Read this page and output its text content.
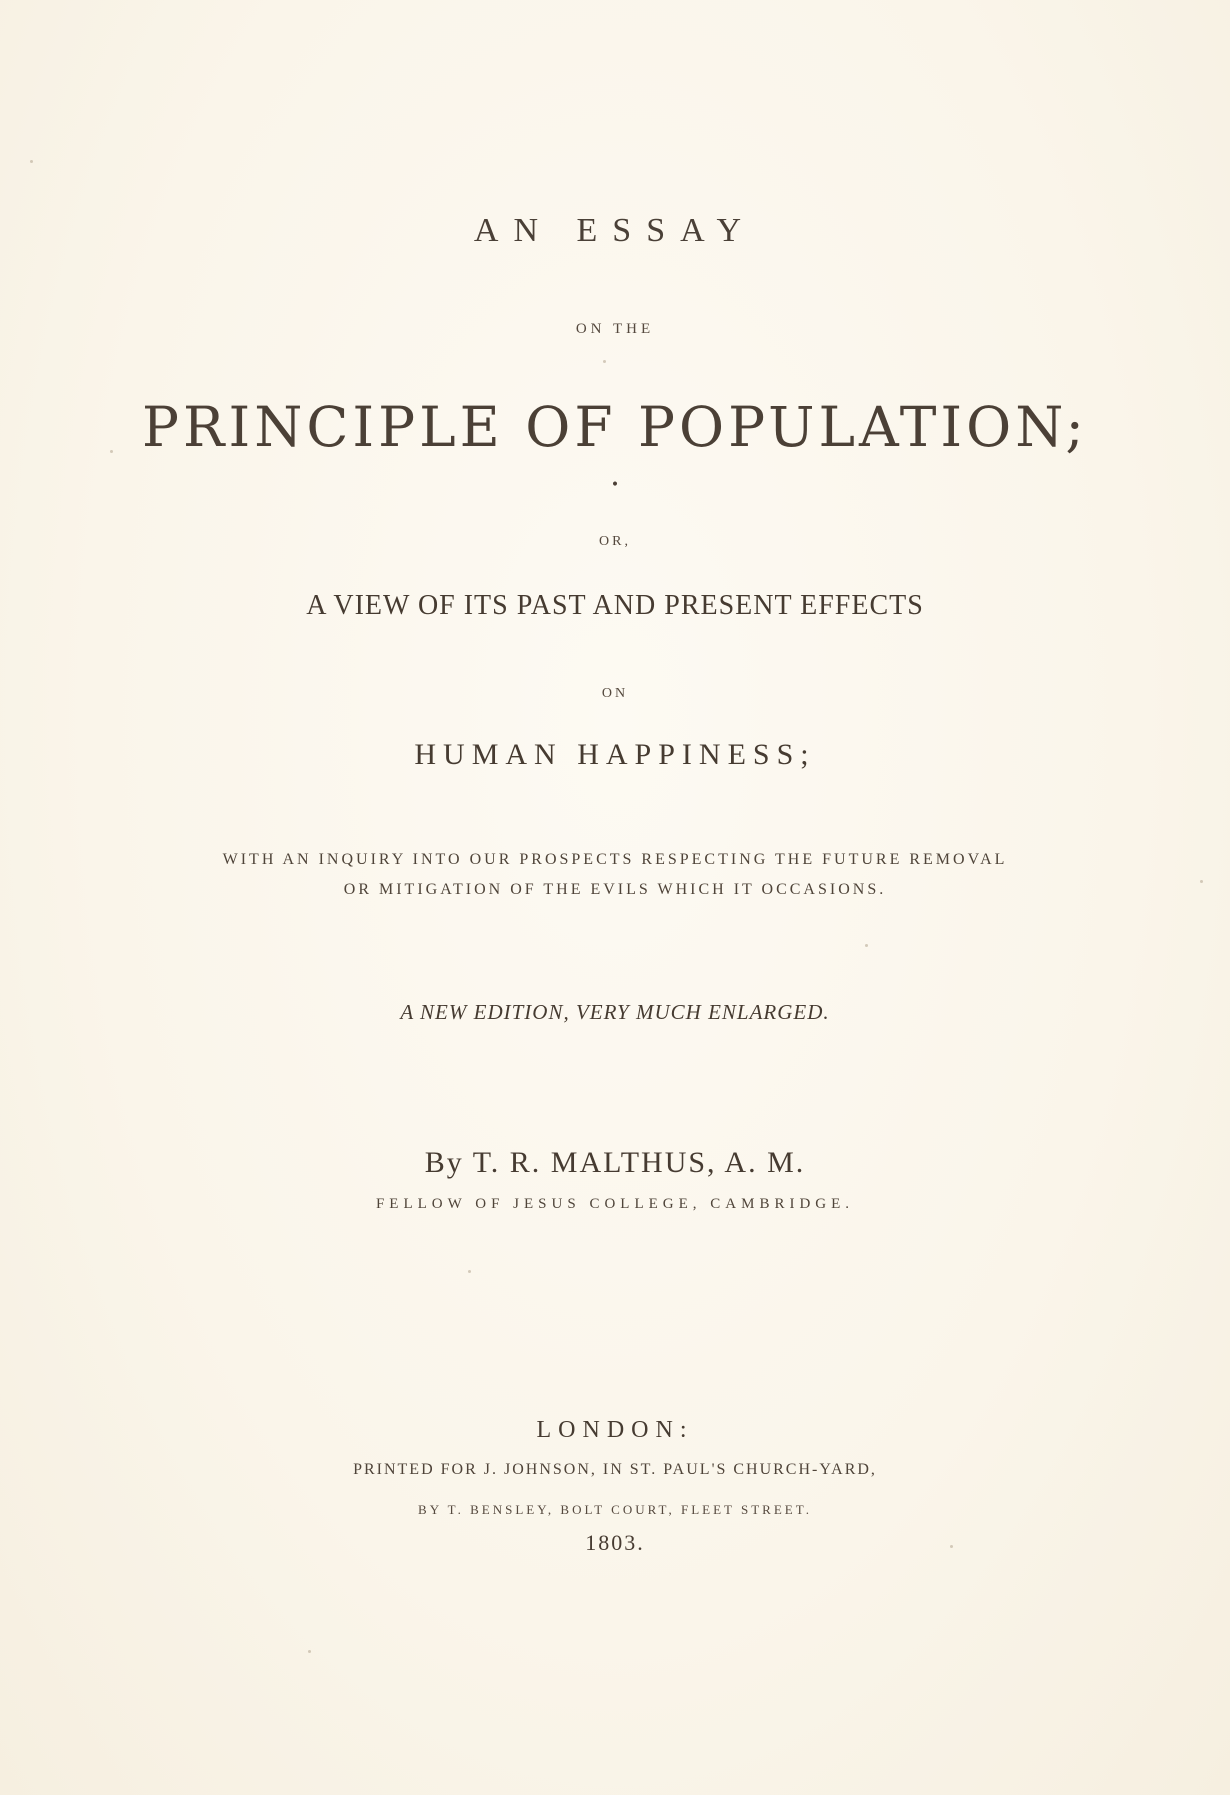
AN ESSAY
ON THE
PRINCIPLE OF POPULATION;
•
OR,
A VIEW OF ITS PAST AND PRESENT EFFECTS
ON
HUMAN HAPPINESS;
WITH AN INQUIRY INTO OUR PROSPECTS RESPECTING THE FUTURE REMOVAL
OR MITIGATION OF THE EVILS WHICH IT OCCASIONS.
A NEW EDITION, VERY MUCH ENLARGED.
By T. R. MALTHUS, A. M.
FELLOW OF JESUS COLLEGE, CAMBRIDGE.
LONDON:
PRINTED FOR J. JOHNSON, IN ST. PAUL'S CHURCH-YARD,
BY T. BENSLEY, BOLT COURT, FLEET STREET.
1803.
